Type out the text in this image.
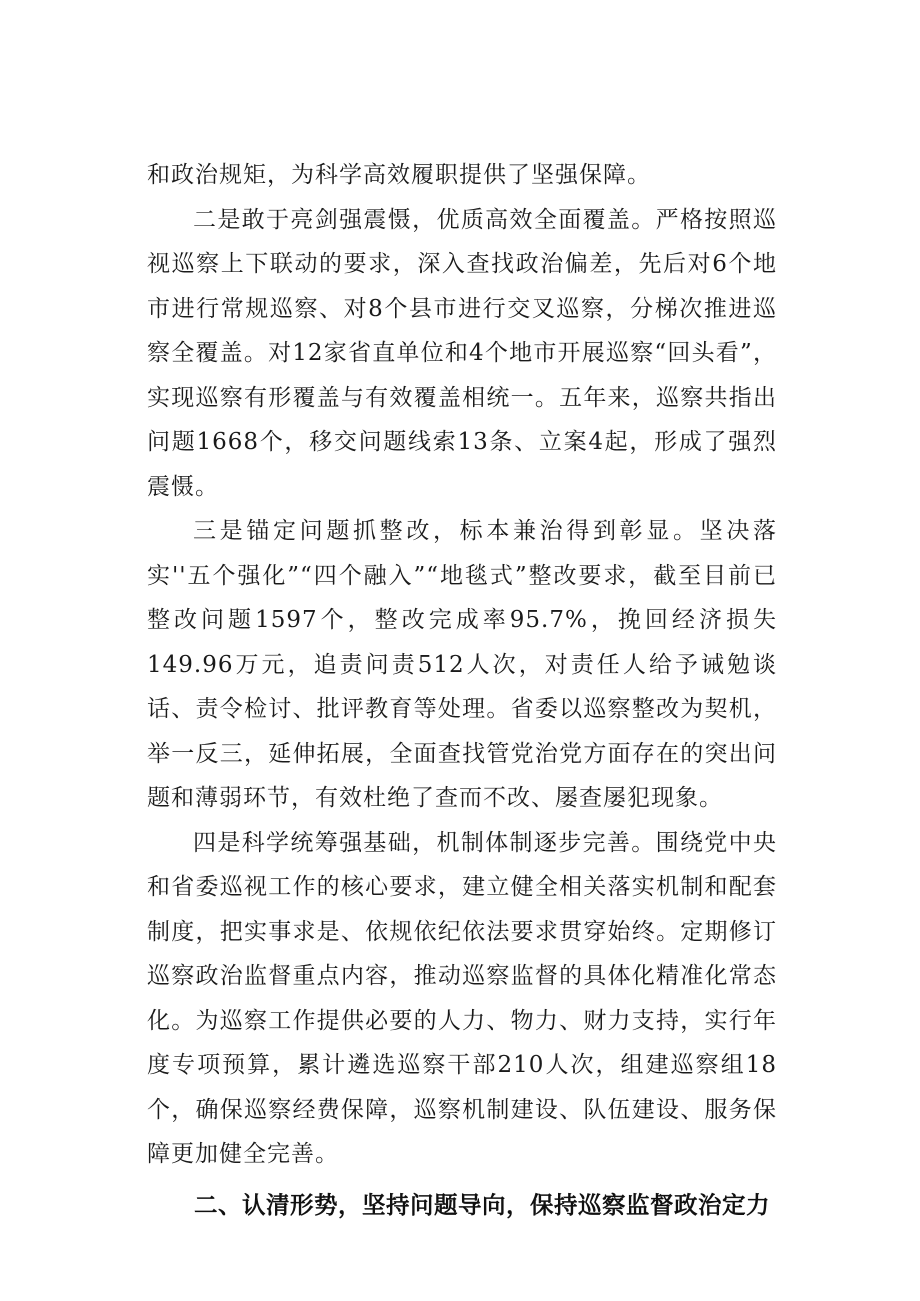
和政治规矩，为科学高效履职提供了坚强保障。

二是敢于亮剑强震慑，优质高效全面覆盖。严格按照巡视巡察上下联动的要求，深入查找政治偏差，先后对6个地市进行常规巡察、对8个县市进行交叉巡察，分梯次推进巡察全覆盖。对12家省直单位和4个地市开展巡察“回头看”，实现巡察有形覆盖与有效覆盖相统一。五年来，巡察共指出问题1668个，移交问题线索13条、立案4起，形成了强烈震慑。

三是锚定问题抓整改，标本兼治得到彰显。坚决落实''五个强化”“四个融入”“地毯式”整改要求，截至目前已整改问题1597个，整改完成率95.7%，挽回经济损失149.96万元，追责问责512人次，对责任人给予诫勉谈话、责令检讨、批评教育等处理。省委以巡察整改为契机，举一反三，延伸拓展，全面查找管党治党方面存在的突出问题和薄弱环节，有效杜绝了查而不改、屡查屡犯现象。

四是科学统筹强基础，机制体制逐步完善。围绕党中央和省委巡视工作的核心要求，建立健全相关落实机制和配套制度，把实事求是、依规依纪依法要求贯穿始终。定期修订巡察政治监督重点内容，推动巡察监督的具体化精准化常态化。为巡察工作提供必要的人力、物力、财力支持，实行年度专项预算，累计遴选巡察干部210人次，组建巡察组18个，确保巡察经费保障，巡察机制建设、队伍建设、服务保障更加健全完善。

二、认清形势，坚持问题导向，保持巡察监督政治定力
